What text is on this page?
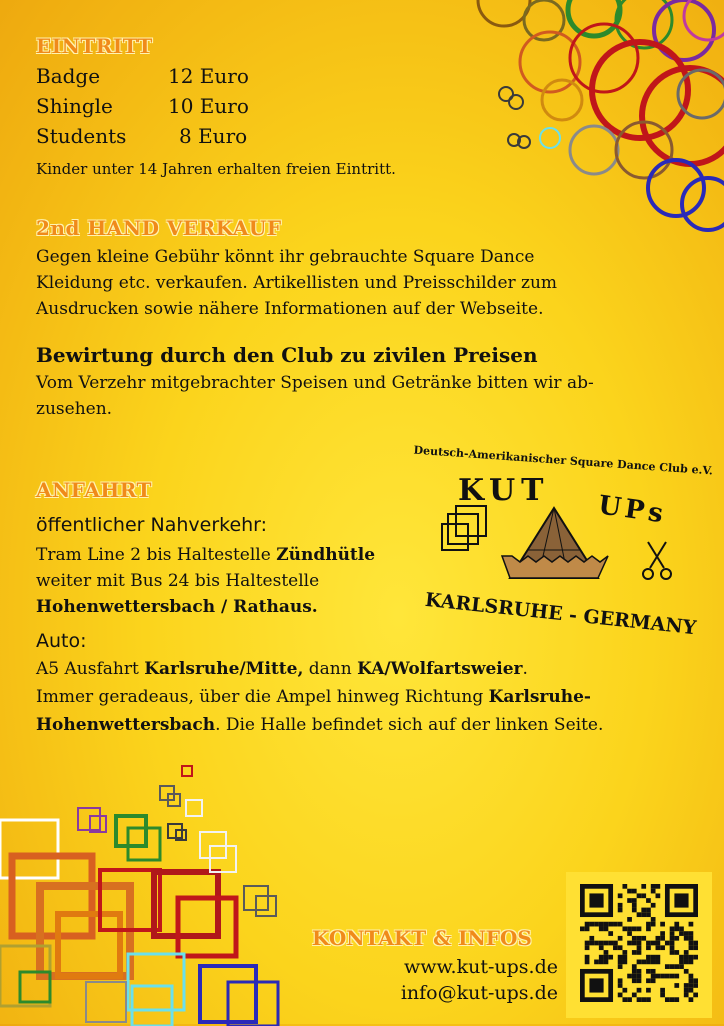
EINTRITT
Badge	12 Euro
Shingle	10 Euro
Students	8 Euro
Kinder unter 14 Jahren erhalten freien Eintritt.
2nd HAND VERKAUF
Gegen kleine Gebühr könnt ihr gebrauchte Square Dance
Kleidung etc. verkaufen. Artikellisten und Preisschilder zum
Ausdrucken sowie nähere Informationen auf der Webseite.
Bewirtung durch den Club zu zivilen Preisen
Vom Verzehr mitgebrachter Speisen und Getränke bitten wir ab-
zusehen.
ANFAHRT
öffentlicher Nahverkehr:
Tram Line 2 bis Haltestelle Zündhütle
weiter mit Bus 24 bis Haltestelle
Hohenwettersbach / Rathaus.
Auto:
A5 Ausfahrt Karlsruhe/Mitte, dann KA/Wolfartsweier.
Immer geradeaus, über die Ampel hinweg Richtung Karlsruhe-
Hohenwettersbach. Die Halle befindet sich auf der linken Seite.
Deutsch-Amerikanischer Square Dance Club e.V.
KUT UPs
KARLSRUHE - GERMANY
KONTAKT & INFOS
www.kut-ups.de
info@kut-ups.de
